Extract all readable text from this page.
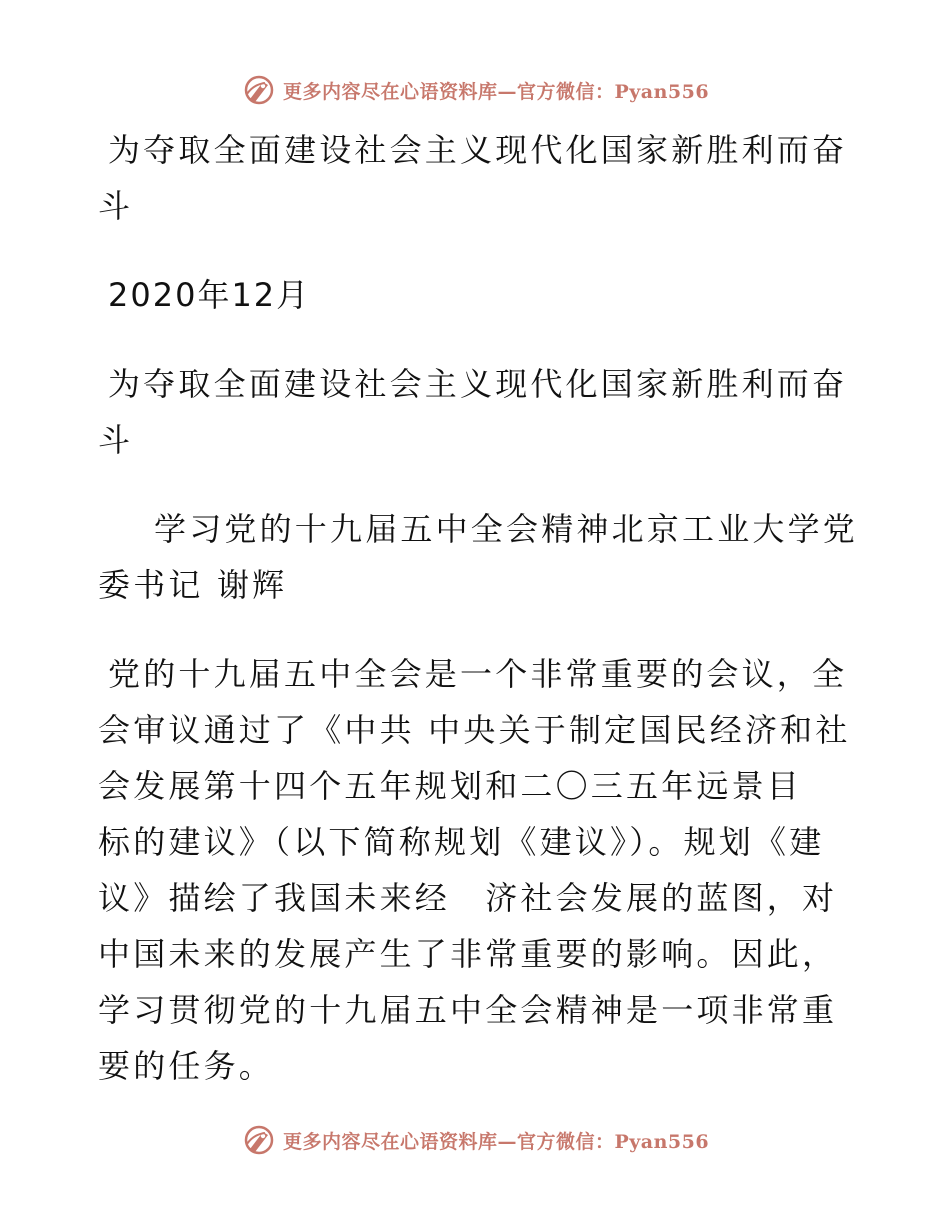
更多内容尽在心语资料库—官方微信：Pyan556

为夺取全面建设社会主义现代化国家新胜利而奋斗

2020年12月

为夺取全面建设社会主义现代化国家新胜利而奋斗

学习党的十九届五中全会精神北京工业大学党委书记 谢辉

党的十九届五中全会是一个非常重要的会议，全会审议通过了《中共 中央关于制定国民经济和社会发展第十四个五年规划和二〇三五年远景目　标的建议》（以下简称规划《建议》）。规划《建议》描绘了我国未来经　济社会发展的蓝图，对中国未来的发展产生了非常重要的影响。因此，学习贯彻党的十九届五中全会精神是一项非常重要的任务。

更多内容尽在心语资料库—官方微信：Pyan556
